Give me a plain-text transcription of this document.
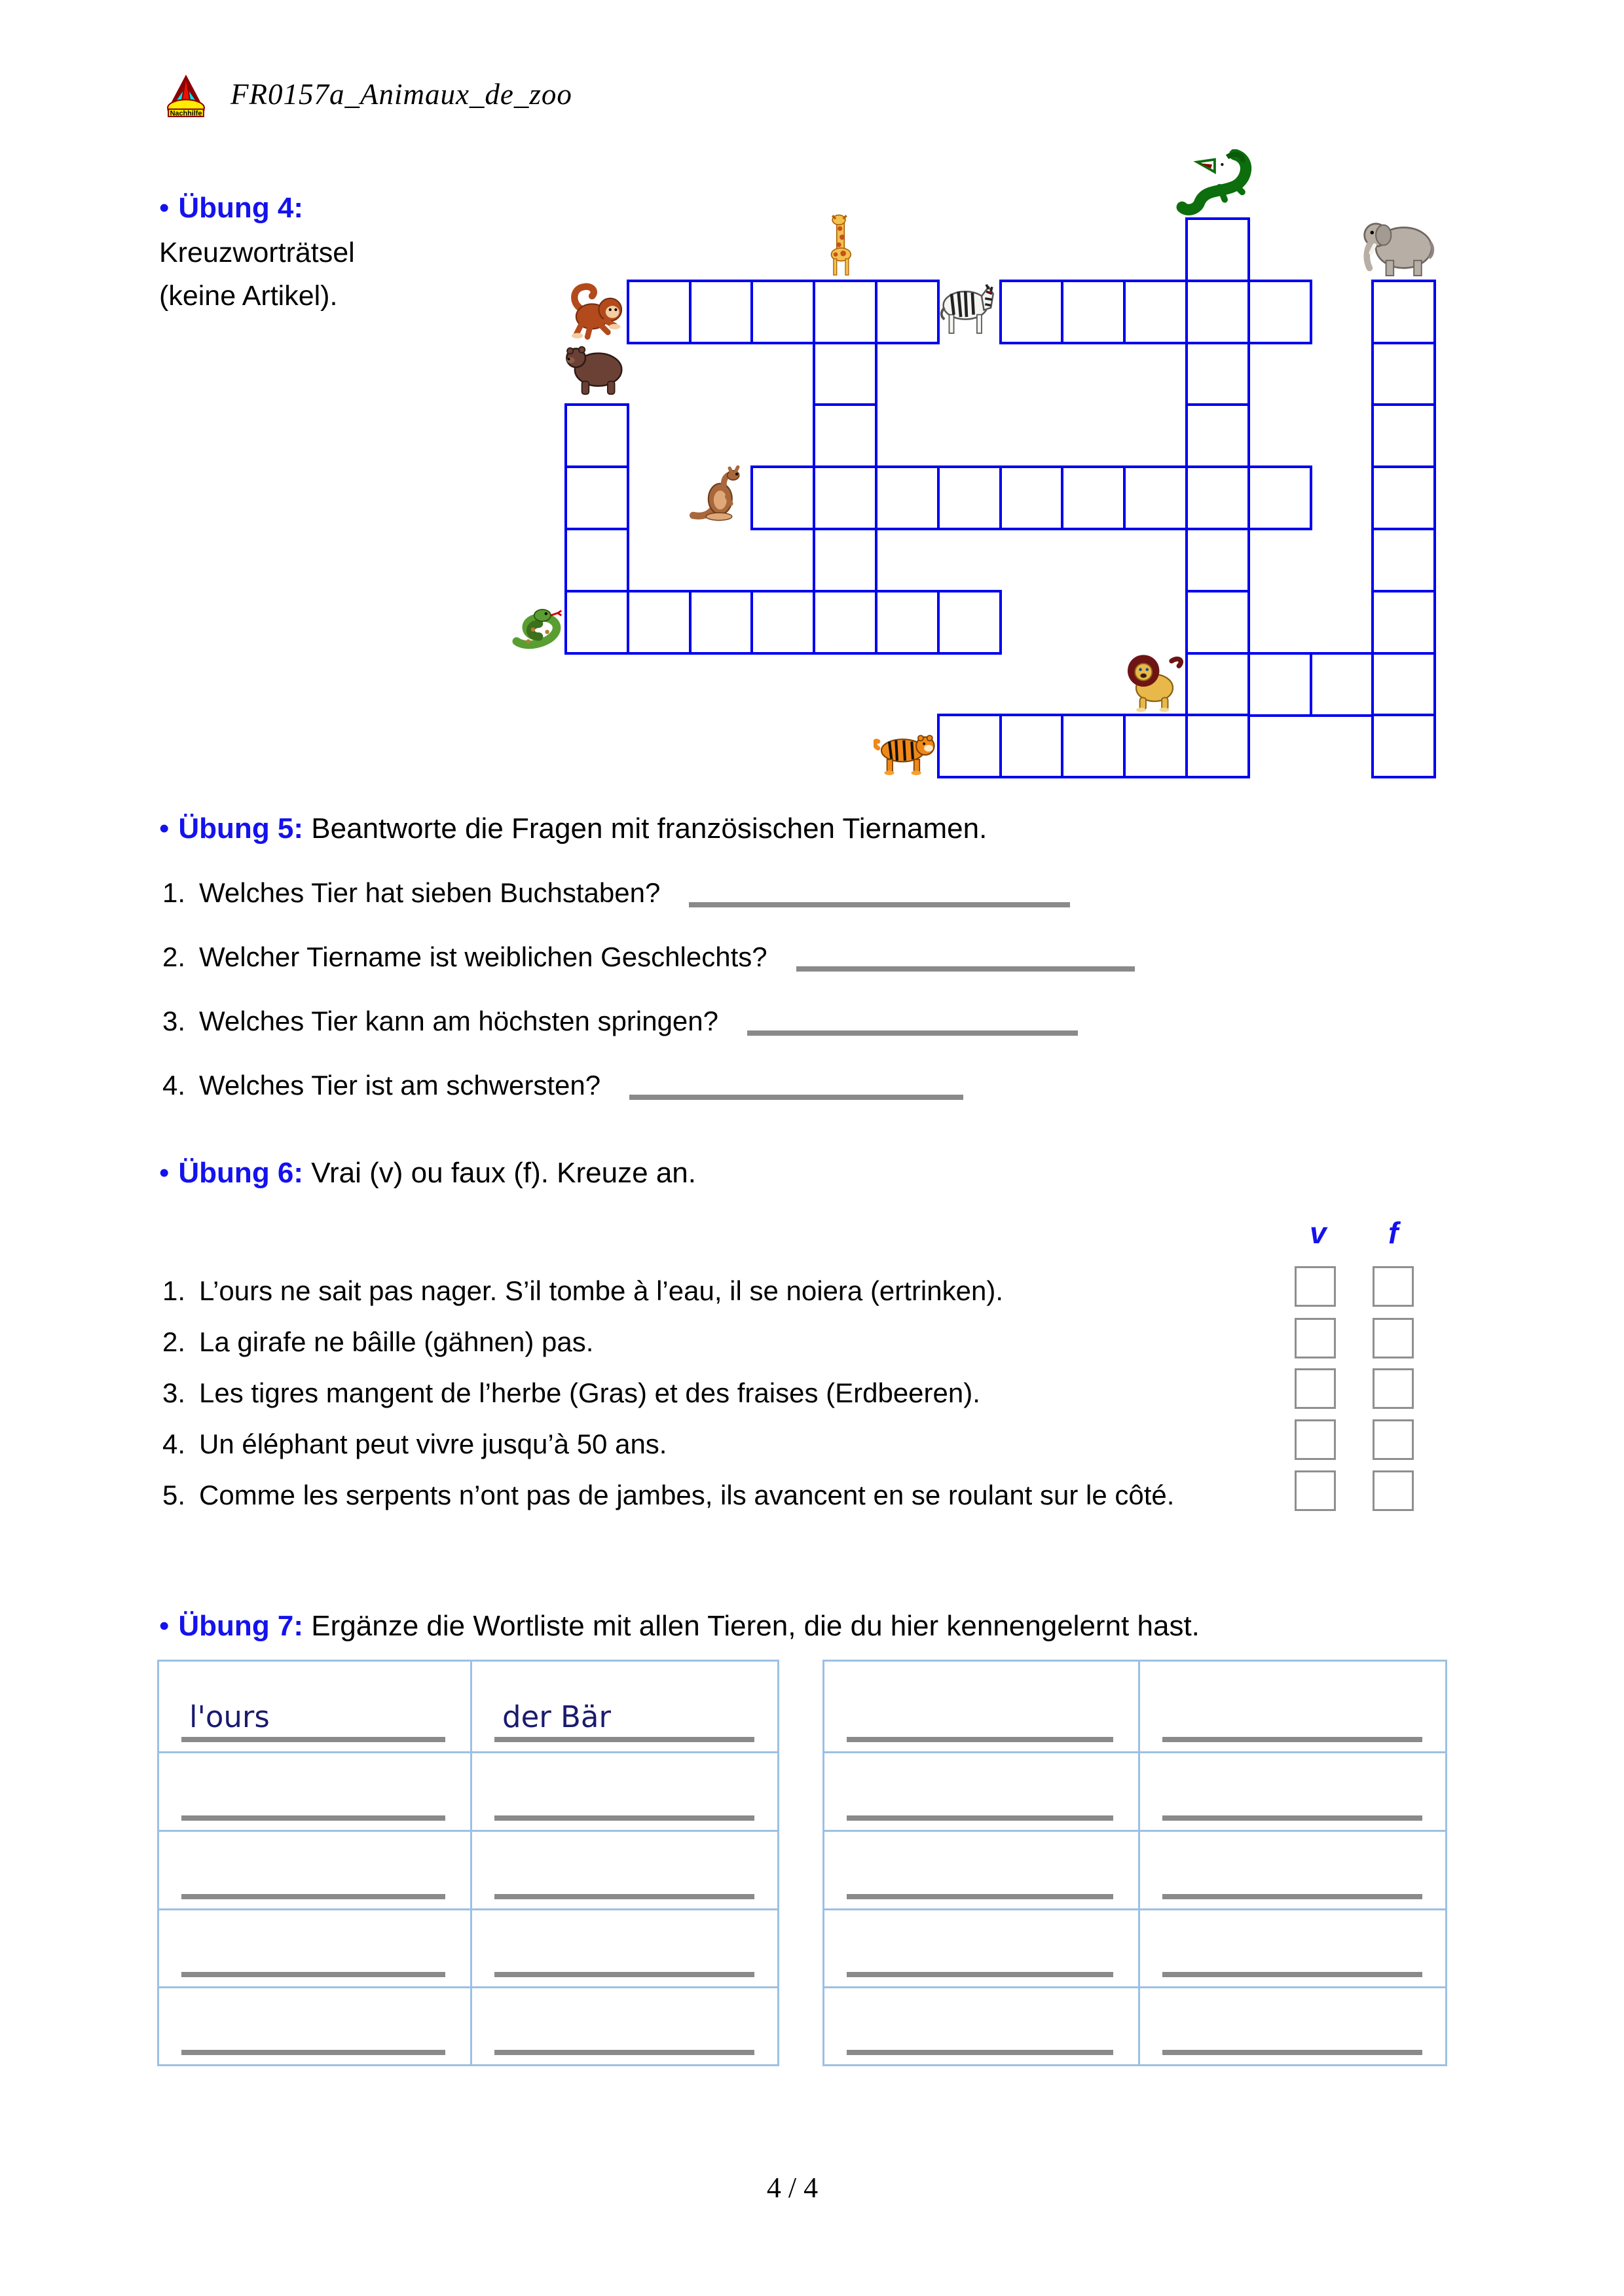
Nachhilfe
FR0157a_Animaux_de_zoo
• Übung 4:
Kreuzworträtsel
(keine Artikel).
• Übung 5: Beantworte die Fragen mit französischen Tiernamen.
1. Welches Tier hat sieben Buchstaben?
2. Welcher Tiername ist weiblichen Geschlechts?
3. Welches Tier kann am höchsten springen?
4. Welches Tier ist am schwersten?
• Übung 6: Vrai (v) ou faux (f). Kreuze an.
v f
1. L’ours ne sait pas nager. S’il tombe à l’eau, il se noiera (ertrinken).
2. La girafe ne bâille (gähnen) pas.
3. Les tigres mangent de l’herbe (Gras) et des fraises (Erdbeeren).
4. Un éléphant peut vivre jusqu’à 50 ans.
5. Comme les serpents n’ont pas de jambes, ils avancent en se roulant sur le côté.
• Übung 7: Ergänze die Wortliste mit allen Tieren, die du hier kennengelernt hast.
l'ours	der Bär
4 / 4
